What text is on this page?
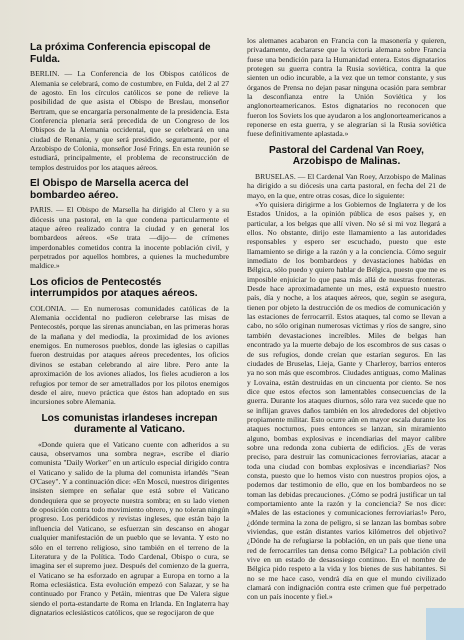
La próxima Conferencia episcopal de Fulda.

BERLIN. — La Conferencia de los Obispos católicos de Alemania se celebrará, como de costumbre, en Fulda, del 2 al 27 de agosto. En los círculos católicos se pone de relieve la posibilidad de que asista el Obispo de Breslau, monseñor Bertram, que se encargaría personalmente de la presidencia. Esta Conferencia plenaria será precedida de un Congreso de los Obispos de la Alemania occidental, que se celebrará en una ciudad de Renania, y que será presidido, seguramente, por el Arzobispo de Colonia, monseñor José Frings. En esta reunión se estudiará, principalmente, el problema de reconstrucción de templos destruidos por los ataques aéreos.

El Obispo de Marsella acerca del bombardeo aéreo.

PARIS. — El Obispo de Marsella ha dirigido al Clero y a su diócesis una pastoral, en la que condena particularmente el ataque aéreo realizado contra la ciudad y en general los bombardeos aéreos. «Se trata —dijo— de crímenes imperdonables cometidos contra la inocente población civil, y perpetrados por aquellos hombres, a quienes la muchedumbre maldice.»

Los oficios de Pentecostés interrumpidos por ataques aéreos.

COLONIA. — En numerosas comunidades católicas de la Alemania occidental no pudieron celebrarse las misas de Pentecostés, porque las sirenas anunciaban, en las primeras horas de la mañana y del mediodía, la proximidad de los aviones enemigos. En numerosos pueblos, donde las iglesias o capillas fueron destruidas por ataques aéreos precedentes, los oficios divinos se estaban celebrando al aire libre. Pero ante la aproximación de los aviones aliados, los fieles acudieron a los refugios por temor de ser ametrallados por los pilotos enemigos desde el aire, nuevo práctica que éstos han adoptado en sus incursiones sobre Alemania.

Los comunistas irlandeses increpan duramente al Vaticano.

«Donde quiera que el Vaticano cuente con adheridos a su causa, observamos una sombra negra», escribe el diario comunista "Daily Worker" en un artículo especial dirigido contra el Vaticano y salido de la pluma del comunista irlandés "Sean O'Casey". Y a continuación dice: «En Moscú, nuestros dirigentes insisten siempre en señalar que está sobre el Vaticano dondequiera que se proyecte nuestra sombra; en su lado vienen de oposición contra todo movimiento obrero, y no toleran ningún progreso. Los periódicos y revistas ingleses, que están bajo la influencia del Vaticano, se esfuerzan sin descanso en ahogar cualquier manifestación de un pueblo que se levanta. Y esto no sólo en el terreno religioso, sino también en el terreno de la Literatura y de la Política. Todo Cardenal, Obispo o cura, se imagina ser el supremo juez. Después del comienzo de la guerra, el Vaticano se ha esforzado en agrupar a Europa en torno a la Roma eclesiástica. Esta evolución empezó con Salazar, y se ha continuado por Franco y Petáin, mientras que De Valera sigue siendo el porta-estandarte de Roma en Irlanda. En Inglaterra hay dignatarios eclesiásticos católicos, que se regocijaron de que

los alemanes acabaron en Francia con la masonería y quieren, privadamente, declararse que la victoria alemana sobre Francia fuese una bendición para la Humanidad entera. Estos dignatarios protegen su guerra contra la Rusia soviética, contra la que sienten un odio incurable, a la vez que un temor constante, y sus órganos de Prensa no dejan pasar ninguna ocasión para sembrar la desconfianza entre la Unión Soviética y los anglonorteamericanos. Estos dignatarios no reconocen que fueron los Soviets los que ayudaron a los anglonorteamericanos a reponerse en esta guerra, y se alegrarían si la Rusia soviética fuese definitivamente aplastada.»

Pastoral del Cardenal Van Roey, Arzobispo de Malinas.

BRUSELAS. — El Cardenal Van Roey, Arzobispo de Malinas ha dirigido a su diócesis una carta pastoral, en fecha del 21 de mayo, en la que, entre otras cosas, dice lo siguiente:

«Yo quisiera dirigirme a los Gobiernos de Inglaterra y de los Estados Unidos, a la opinión pública de esos países y, en particular, a los belgas que allí viven. No sé si mi voz llegará a ellos. No obstante, dirijo este llamamiento a las autoridades responsables y espero ser escuchado, puesto que este llamamiento se dirige a la razón y a la conciencia. Cómo seguir inmediato de los bombardeos y devastaciones habidas en Bélgica, sólo puedo y quiero hablar de Bélgica, puesto que me es imposible enjuiciar lo que pasa más allá de nuestras fronteras. Desde hace aproximadamente un mes, está expuesto nuestro país, día y noche, a los ataques aéreos, que, según se asegura, tienen por objeto la destrucción de os medios de comunicación y las estaciones de ferrocarril. Estos ataques, tal como se llevan a cabo, no sólo originan numerosas víctimas y ríos de sangre, sino también devastaciones increíbles. Miles de belgas han encontrado ya la muerte debajo de los escombros de sus casas o de sus refugios, donde creían que estarían seguros. En las ciudades de Bruselas, Lieja, Gante y Charleroy, barrios enteros ya no son más que escombros. Ciudades antiguas, como Malinas y Lovaina, están destruidas en un cincuenta por ciento. Se nos dice que estos efectos son lamentables consecuencias de la guerra. Durante los ataques diurnos, sólo rara vez sucede que no se inflijan graves daños también en los alrededores del objetivo propiamente militar. Esto ocurre aún en mayor escala durante los ataques nocturnos, pues entonces se lanzan, sin miramiento alguno, bombas explosivas e incendiarias del mayor calibre sobre una redonda zona cubierta de edificios. ¿Es de veras preciso, para destruir las comunicaciones ferroviarias, atacar a toda una ciudad con bombas explosivas e incendiarias? Nos consta, puesto que lo hemos visto con nuestros propios ojos, a podemos dar testimonio de ello, que en los bombardeos no se toman las debidas precauciones. ¿Cómo se podrá justificar un tal comportamiento ante la razón y la conciencia? Se nos dice: «Males de las estaciones y comunicaciones ferroviarias!» Pero, ¿dónde termina la zona de peligro, si se lanzan las bombas sobre viviendas, que están distantes varios kilómetros del objetivo? ¿Dónde ha de refugiarse la población, en un país que tiene una red de ferrocarriles tan densa como Bélgica? La población civil vive en un estado de desasosiego continuo. En el nombre de Bélgica pido respeto a la vida y los bienes de sus habitantes. Si no se me hace caso, vendrá día en que el mundo civilizado clamará con indignación contra este crimen que fué perpetrado con un país inocente y fiel.»
